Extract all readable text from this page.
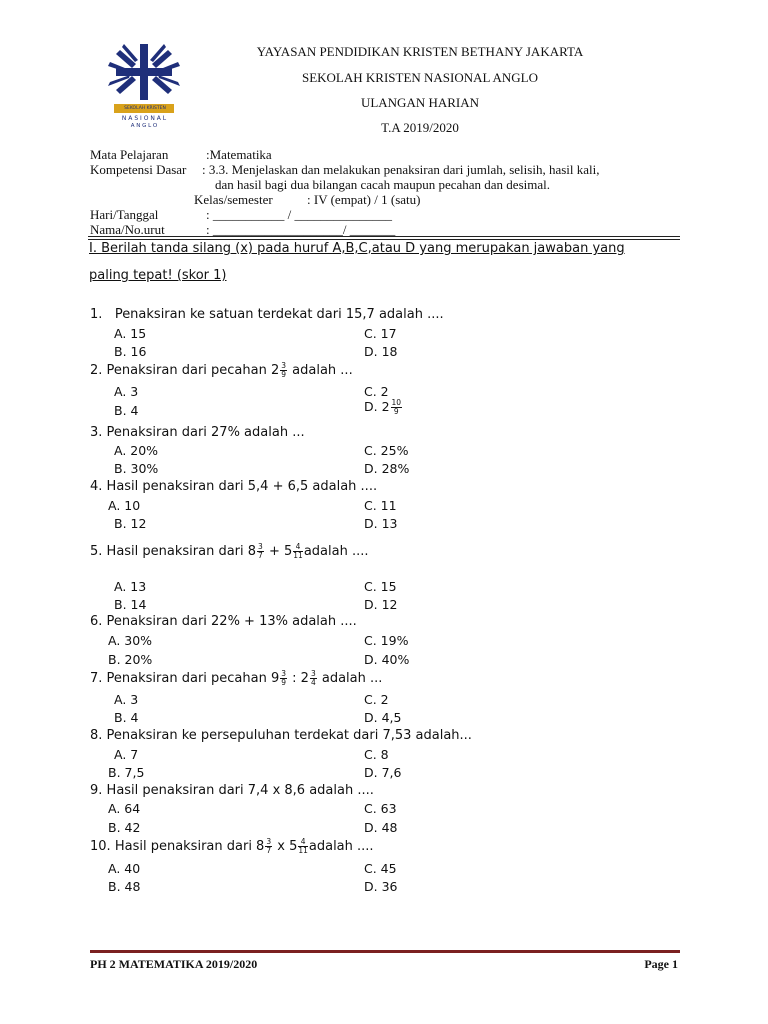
SEKOLAH KRISTEN
N A S I O N A L
A N G L O
YAYASAN PENDIDIKAN KRISTEN BETHANY JAKARTA
SEKOLAH KRISTEN NASIONAL ANGLO
ULANGAN HARIAN
T.A 2019/2020
Mata Pelajaran	:Matematika
Kompetensi Dasar : 3.3. Menjelaskan dan melakukan penaksiran dari jumlah, selisih, hasil kali,
dan hasil bagi dua bilangan cacah maupun pecahan dan desimal.
Kelas/semester	: IV (empat) / 1 (satu)
Hari/Tanggal	: ___________ / _______________
Nama/No.urut	: ____________________/ _______
I. Berilah tanda silang (x) pada huruf A,B,C,atau D yang merupakan jawaban yang
paling tepat! (skor 1)
1. Penaksiran ke satuan terdekat dari 15,7 adalah ....
A. 15	C. 17
B. 16	D. 18
2. Penaksiran dari pecahan $2 \frac{3}{9}$ adalah ...
A. 3	C. 2
B. 4	D. $2 \frac{10}{9}$
3. Penaksiran dari 27% adalah ...
A. 20%	C. 25%
B. 30%	D. 28%
4. Hasil penaksiran dari 5,4 + 6,5 adalah ....
A. 10	C. 11
B. 12	D. 13
5. Hasil penaksiran dari $8 \frac{3}{7} + 5 \frac{4}{11}$ adalah ....
A. 13	C. 15
B. 14	D. 12
6. Penaksiran dari 22% + 13% adalah ....
A. 30%	C. 19%
B. 20%	D. 40%
7. Penaksiran dari pecahan $9 \frac{3}{9}$ : $2 \frac{3}{4}$ adalah ...
A. 3	C. 2
B. 4	D. 4,5
8. Penaksiran ke persepuluhan terdekat dari 7,53 adalah...
A. 7	C. 8
B. 7,5	D. 7,6
9. Hasil penaksiran dari 7,4 x 8,6 adalah ....
A. 64	C. 63
B. 42	D. 48
10. Hasil penaksiran dari $8 \frac{3}{7}$ x $5 \frac{4}{11}$ adalah ....
A. 40	C. 45
B. 48	D. 36
PH 2 MATEMATIKA 2019/2020	Page 1
